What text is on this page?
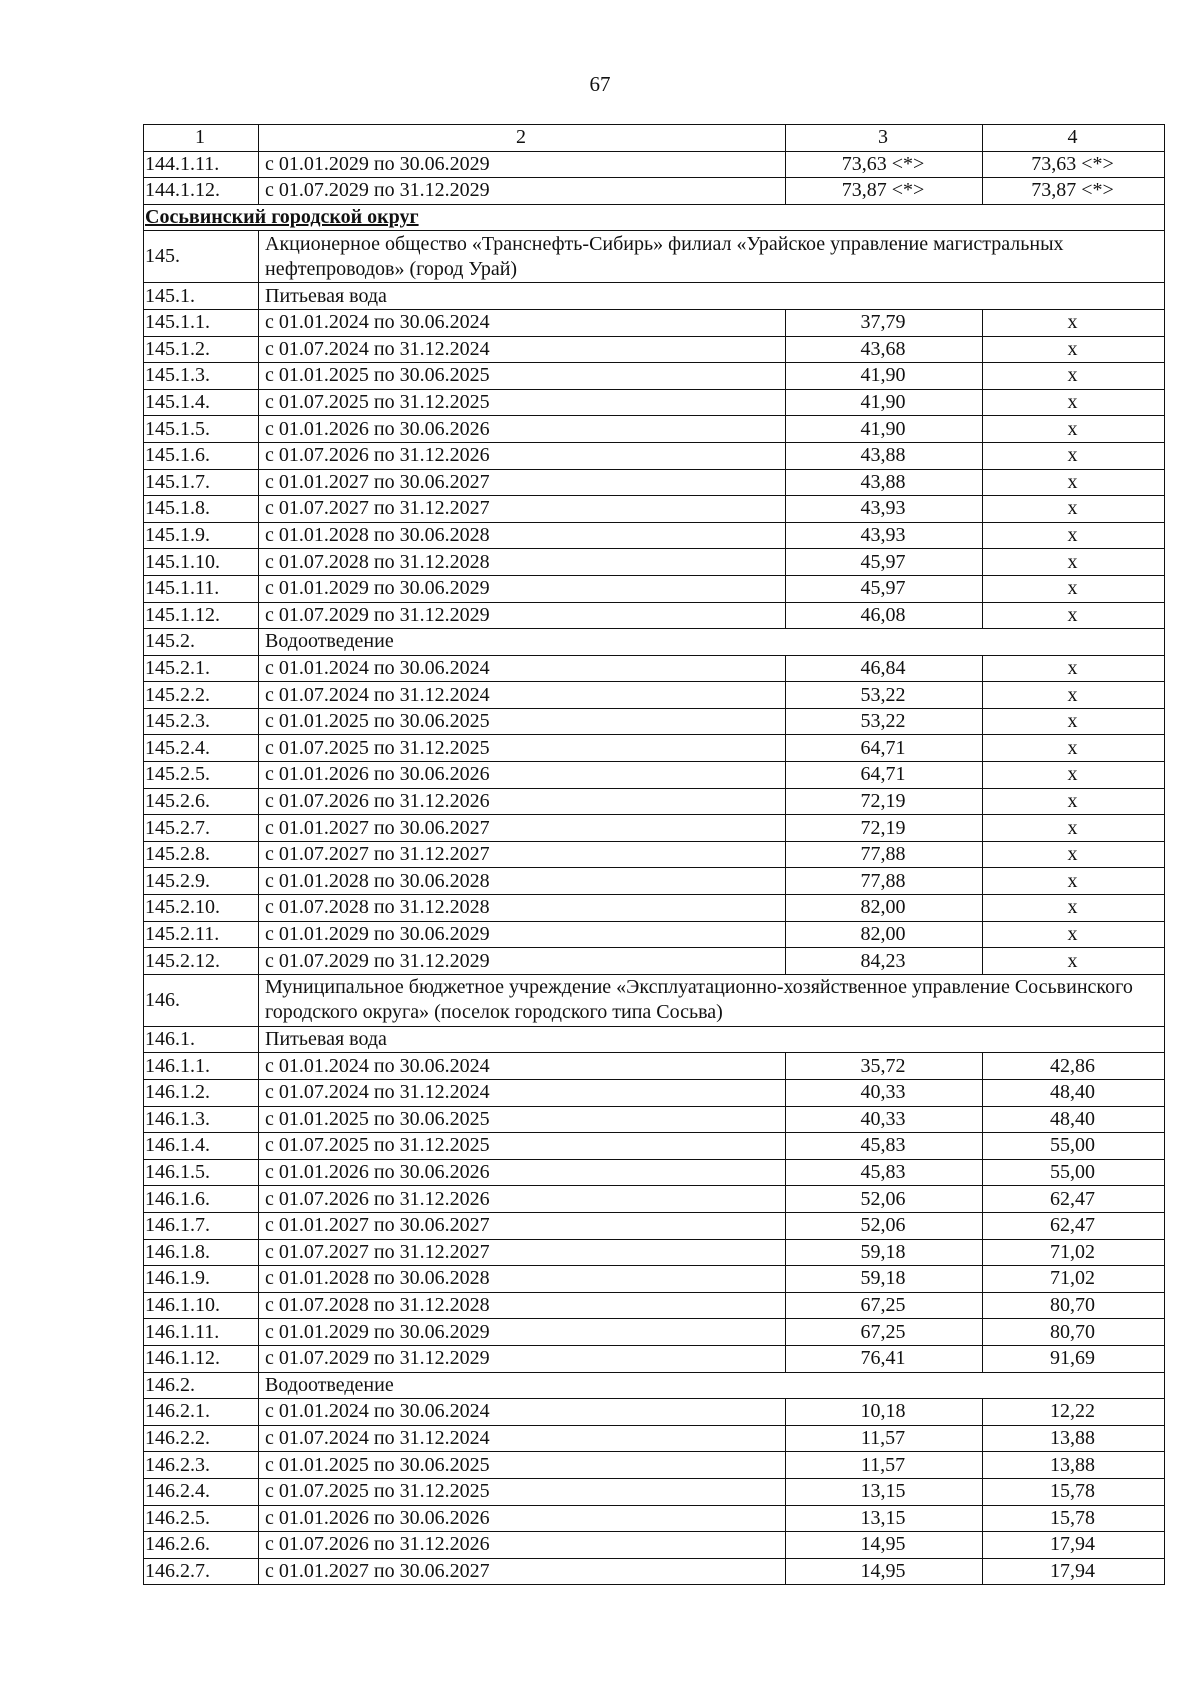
67
1	2	3	4
144.1.11.	с 01.01.2029 по 30.06.2029	73,63 <*>	73,63 <*>
144.1.12.	с 01.07.2029 по 31.12.2029	73,87 <*>	73,87 <*>
Сосьвинский городской округ			
145.	Акционерное общество «Транснефть-Сибирь» филиал «Урайское управление магистральных нефтепроводов» (город Урай)		
145.1.	Питьевая вода		
145.1.1.	с 01.01.2024 по 30.06.2024	37,79	х
145.1.2.	с 01.07.2024 по 31.12.2024	43,68	х
145.1.3.	с 01.01.2025 по 30.06.2025	41,90	х
145.1.4.	с 01.07.2025 по 31.12.2025	41,90	х
145.1.5.	с 01.01.2026 по 30.06.2026	41,90	х
145.1.6.	с 01.07.2026 по 31.12.2026	43,88	х
145.1.7.	с 01.01.2027 по 30.06.2027	43,88	х
145.1.8.	с 01.07.2027 по 31.12.2027	43,93	х
145.1.9.	с 01.01.2028 по 30.06.2028	43,93	х
145.1.10.	с 01.07.2028 по 31.12.2028	45,97	х
145.1.11.	с 01.01.2029 по 30.06.2029	45,97	х
145.1.12.	с 01.07.2029 по 31.12.2029	46,08	х
145.2.	Водоотведение		
145.2.1.	с 01.01.2024 по 30.06.2024	46,84	х
145.2.2.	с 01.07.2024 по 31.12.2024	53,22	х
145.2.3.	с 01.01.2025 по 30.06.2025	53,22	х
145.2.4.	с 01.07.2025 по 31.12.2025	64,71	х
145.2.5.	с 01.01.2026 по 30.06.2026	64,71	х
145.2.6.	с 01.07.2026 по 31.12.2026	72,19	х
145.2.7.	с 01.01.2027 по 30.06.2027	72,19	х
145.2.8.	с 01.07.2027 по 31.12.2027	77,88	х
145.2.9.	с 01.01.2028 по 30.06.2028	77,88	х
145.2.10.	с 01.07.2028 по 31.12.2028	82,00	х
145.2.11.	с 01.01.2029 по 30.06.2029	82,00	х
145.2.12.	с 01.07.2029 по 31.12.2029	84,23	х
146.	Муниципальное бюджетное учреждение «Эксплуатационно-хозяйственное управление Сосьвинского городского округа» (поселок городского типа Сосьва)		
146.1.	Питьевая вода		
146.1.1.	с 01.01.2024 по 30.06.2024	35,72	42,86
146.1.2.	с 01.07.2024 по 31.12.2024	40,33	48,40
146.1.3.	с 01.01.2025 по 30.06.2025	40,33	48,40
146.1.4.	с 01.07.2025 по 31.12.2025	45,83	55,00
146.1.5.	с 01.01.2026 по 30.06.2026	45,83	55,00
146.1.6.	с 01.07.2026 по 31.12.2026	52,06	62,47
146.1.7.	с 01.01.2027 по 30.06.2027	52,06	62,47
146.1.8.	с 01.07.2027 по 31.12.2027	59,18	71,02
146.1.9.	с 01.01.2028 по 30.06.2028	59,18	71,02
146.1.10.	с 01.07.2028 по 31.12.2028	67,25	80,70
146.1.11.	с 01.01.2029 по 30.06.2029	67,25	80,70
146.1.12.	с 01.07.2029 по 31.12.2029	76,41	91,69
146.2.	Водоотведение		
146.2.1.	с 01.01.2024 по 30.06.2024	10,18	12,22
146.2.2.	с 01.07.2024 по 31.12.2024	11,57	13,88
146.2.3.	с 01.01.2025 по 30.06.2025	11,57	13,88
146.2.4.	с 01.07.2025 по 31.12.2025	13,15	15,78
146.2.5.	с 01.01.2026 по 30.06.2026	13,15	15,78
146.2.6.	с 01.07.2026 по 31.12.2026	14,95	17,94
146.2.7.	с 01.01.2027 по 30.06.2027	14,95	17,94
